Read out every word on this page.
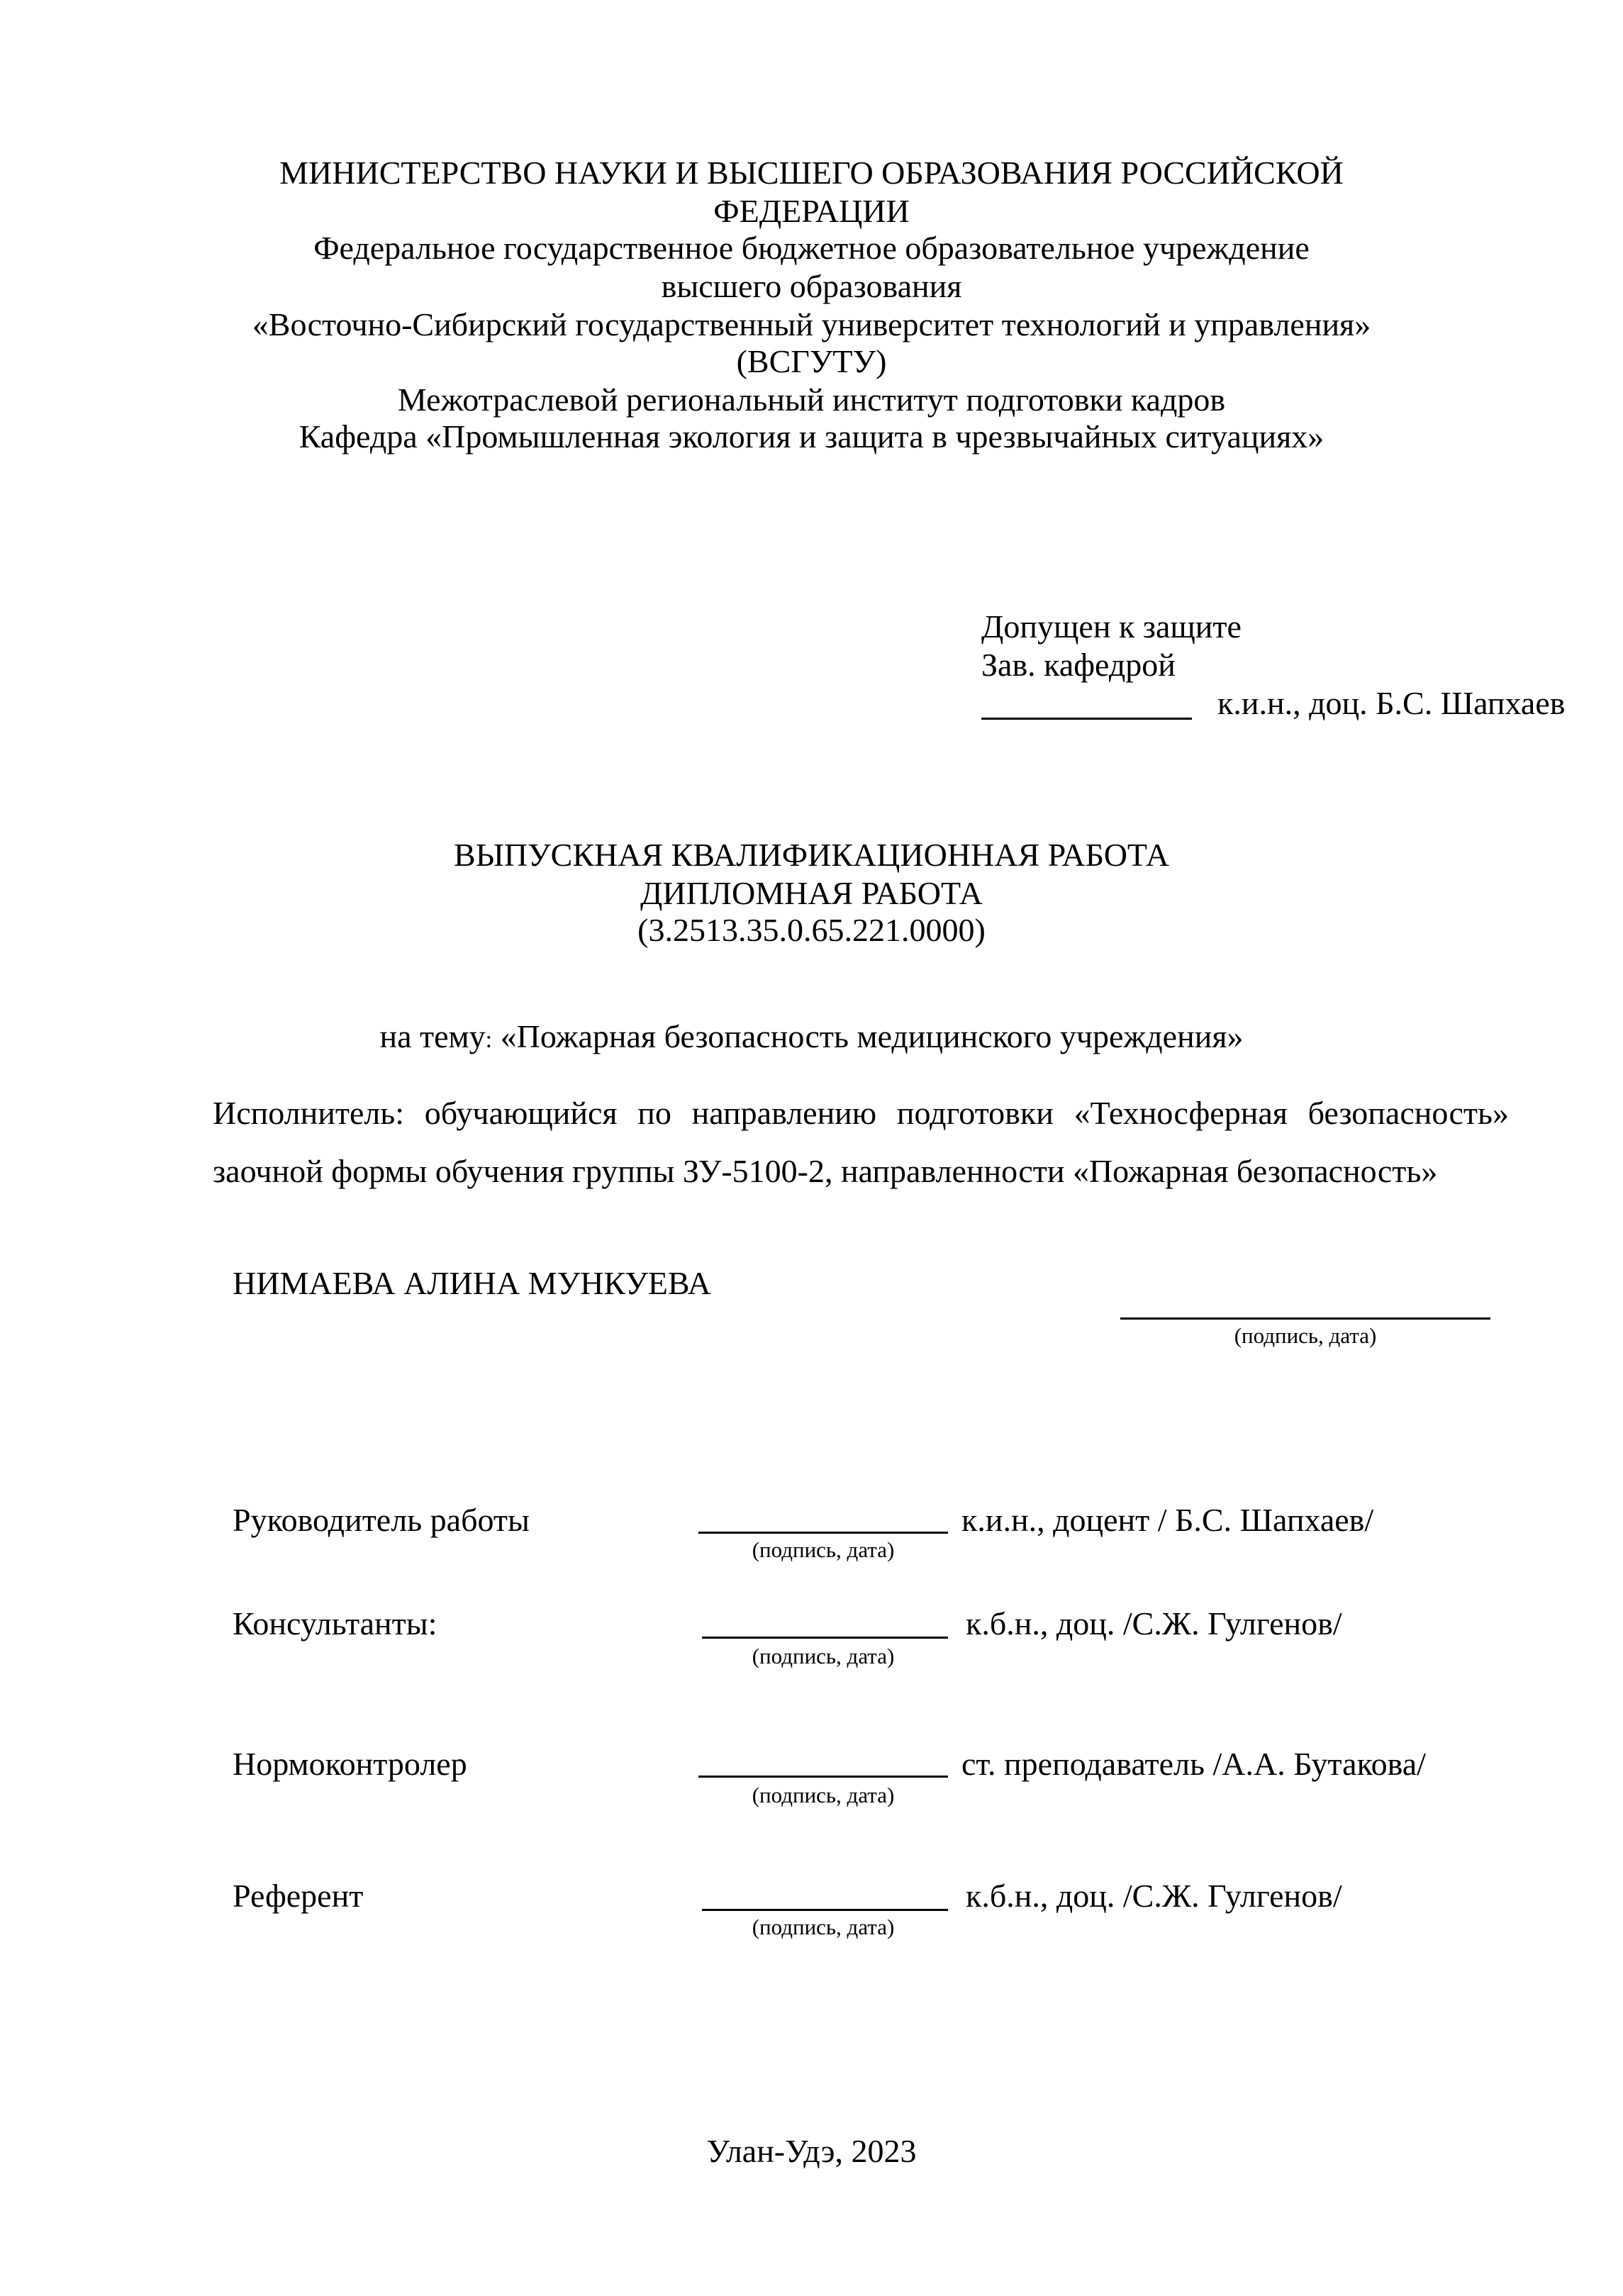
МИНИСТЕРСТВО НАУКИ И ВЫСШЕГО ОБРАЗОВАНИЯ РОССИЙСКОЙ
ФЕДЕРАЦИИ
Федеральное государственное бюджетное образовательное учреждение
высшего образования
«Восточно-Сибирский государственный университет технологий и управления»
(ВСГУТУ)
Межотраслевой региональный институт подготовки кадров
Кафедра «Промышленная экология и защита в чрезвычайных ситуациях»
Допущен к защите
Зав. кафедрой
к.и.н., доц. Б.С. Шапхаев
ВЫПУСКНАЯ КВАЛИФИКАЦИОННАЯ РАБОТА
ДИПЛОМНАЯ РАБОТА
(3.2513.35.0.65.221.0000)
на тему: «Пожарная безопасность медицинского учреждения»
Исполнитель: обучающийся по направлению подготовки «Техносферная безопасность»
заочной формы обучения группы ЗУ-5100-2, направленности «Пожарная безопасность»
НИМАЕВА АЛИНА МУНКУЕВА
(подпись, дата)
Руководитель работы
(подпись, дата)
к.и.н., доцент / Б.С. Шапхаев/
Консультанты:
(подпись, дата)
к.б.н., доц. /С.Ж. Гулгенов/
Нормоконтролер
(подпись, дата)
ст. преподаватель /А.А. Бутакова/
Референт
(подпись, дата)
к.б.н., доц. /С.Ж. Гулгенов/
Улан-Удэ, 2023
